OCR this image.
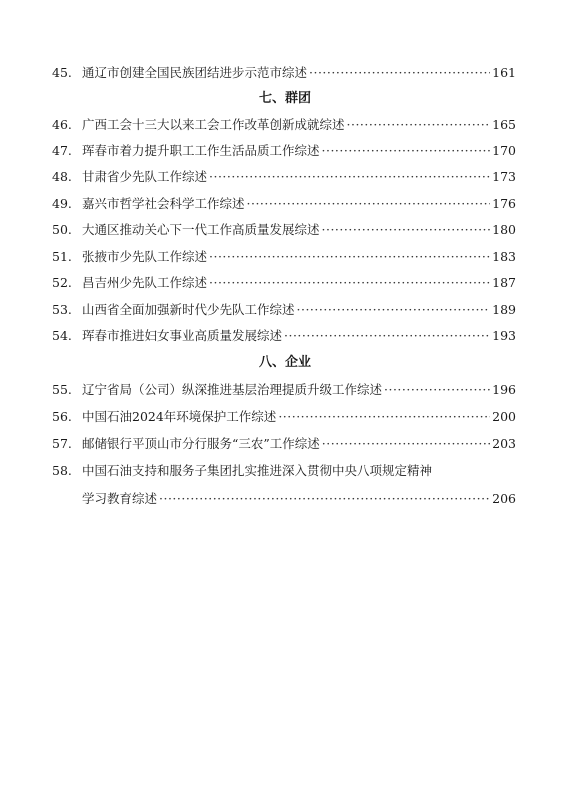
45. 通辽市创建全国民族团结进步示范市综述 ·····	161
七、群团
46. 广西工会十三大以来工会工作改革创新成就综述 ·····	165
47. 珲春市着力提升职工工作生活品质工作综述 ·····	170
48. 甘肃省少先队工作综述 ·····	173
49. 嘉兴市哲学社会科学工作综述 ·····	176
50. 大通区推动关心下一代工作高质量发展综述 ·····	180
51. 张掖市少先队工作综述 ·····	183
52. 昌吉州少先队工作综述 ·····	187
53. 山西省全面加强新时代少先队工作综述 ·····	189
54. 珲春市推进妇女事业高质量发展综述 ·····	193
八、企业
55. 辽宁省局（公司）纵深推进基层治理提质升级工作综述 ·····	196
56. 中国石油2024年环境保护工作综述 ·····	200
57. 邮储银行平顶山市分行服务“三农”工作综述 ·····	203
58. 中国石油支持和服务子集团扎实推进深入贯彻中央八项规定精神
学习教育综述 ·····	206
